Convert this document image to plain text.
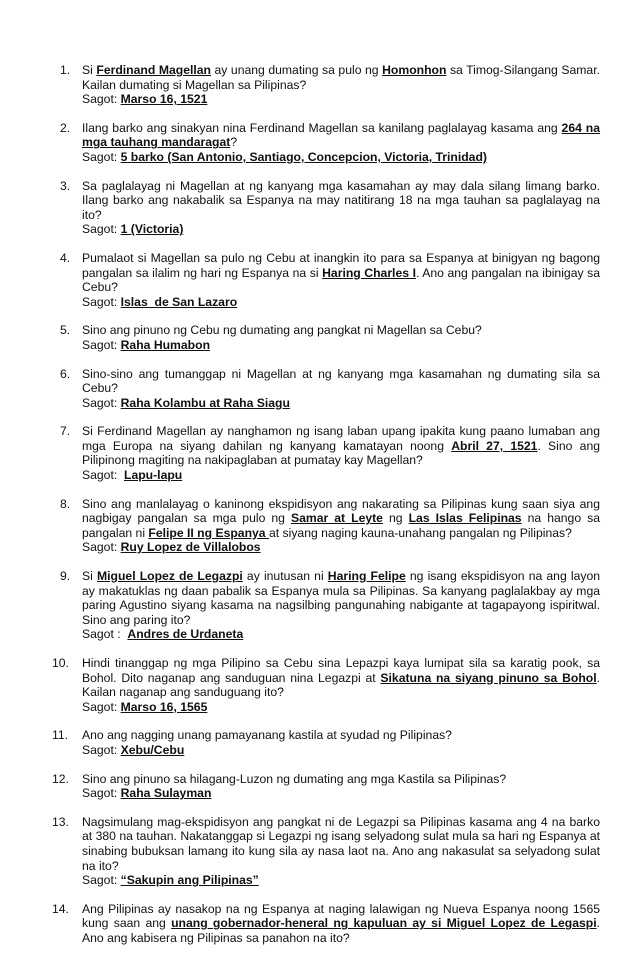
1. Si Ferdinand Magellan ay unang dumating sa pulo ng Homonhon sa Timog-Silangang Samar. Kailan dumating si Magellan sa Pilipinas?
Sagot: Marso 16, 1521
2. Ilang barko ang sinakyan nina Ferdinand Magellan sa kanilang paglalayag kasama ang 264 na mga tauhang mandaragat?
Sagot: 5 barko (San Antonio, Santiago, Concepcion, Victoria, Trinidad)
3. Sa paglalayag ni Magellan at ng kanyang mga kasamahan ay may dala silang limang barko. Ilang barko ang nakabalik sa Espanya na may natitirang 18 na mga tauhan sa paglalayag na ito?
Sagot: 1 (Victoria)
4. Pumalaot si Magellan sa pulo ng Cebu at inangkin ito para sa Espanya at binigyan ng bagong pangalan sa ilalim ng hari ng Espanya na si Haring Charles I. Ano ang pangalan na ibinigay sa Cebu?
Sagot: Islas  de San Lazaro
5. Sino ang pinuno ng Cebu ng dumating ang pangkat ni Magellan sa Cebu?
Sagot: Raha Humabon
6. Sino-sino ang tumanggap ni Magellan at ng kanyang mga kasamahan ng dumating sila sa Cebu?
Sagot: Raha Kolambu at Raha Siagu
7. Si Ferdinand Magellan ay nanghamon ng isang laban upang ipakita kung paano lumaban ang mga Europa na siyang dahilan ng kanyang kamatayan noong Abril 27, 1521. Sino ang Pilipinong magiting na nakipaglaban at pumatay kay Magellan?
Sagot:  Lapu-lapu
8. Sino ang manlalayag o kaninong ekspidisyon ang nakarating sa Pilipinas kung saan siya ang nagbigay pangalan sa mga pulo ng Samar at Leyte ng Las Islas Felipinas na hango sa pangalan ni Felipe II ng Espanya at siyang naging kauna-unahang pangalan ng Pilipinas?
Sagot: Ruy Lopez de Villalobos
9. Si Miguel Lopez de Legazpi ay inutusan ni Haring Felipe ng isang ekspidisyon na ang layon ay makatuklas ng daan pabalik sa Espanya mula sa Pilipinas. Sa kanyang paglalakbay ay mga paring Agustino siyang kasama na nagsilbing pangunahing nabigante at tagapayong ispiritwal. Sino ang paring ito?
Sagot :  Andres de Urdaneta
10. Hindi tinanggap ng mga Pilipino sa Cebu sina Lepazpi kaya lumipat sila sa karatig pook, sa Bohol. Dito naganap ang sanduguan nina Legazpi at Sikatuna na siyang pinuno sa Bohol. Kailan naganap ang sanduguang ito?
Sagot: Marso 16, 1565
11. Ano ang nagging unang pamayanang kastila at syudad ng Pilipinas?
Sagot: Xebu/Cebu
12. Sino ang pinuno sa hilagang-Luzon ng dumating ang mga Kastila sa Pilipinas?
Sagot: Raha Sulayman
13. Nagsimulang mag-ekspidisyon ang pangkat ni de Legazpi sa Pilipinas kasama ang 4 na barko at 380 na tauhan. Nakatanggap si Legazpi ng isang selyadong sulat mula sa hari ng Espanya at sinabing bubuksan lamang ito kung sila ay nasa laot na. Ano ang nakasulat sa selyadong sulat na ito?
Sagot: “Sakupin ang Pilipinas”
14. Ang Pilipinas ay nasakop na ng Espanya at naging lalawigan ng Nueva Espanya noong 1565 kung saan ang unang gobernador-heneral ng kapuluan ay si Miguel Lopez de Legaspi. Ano ang kabisera ng Pilipinas sa panahon na ito?
